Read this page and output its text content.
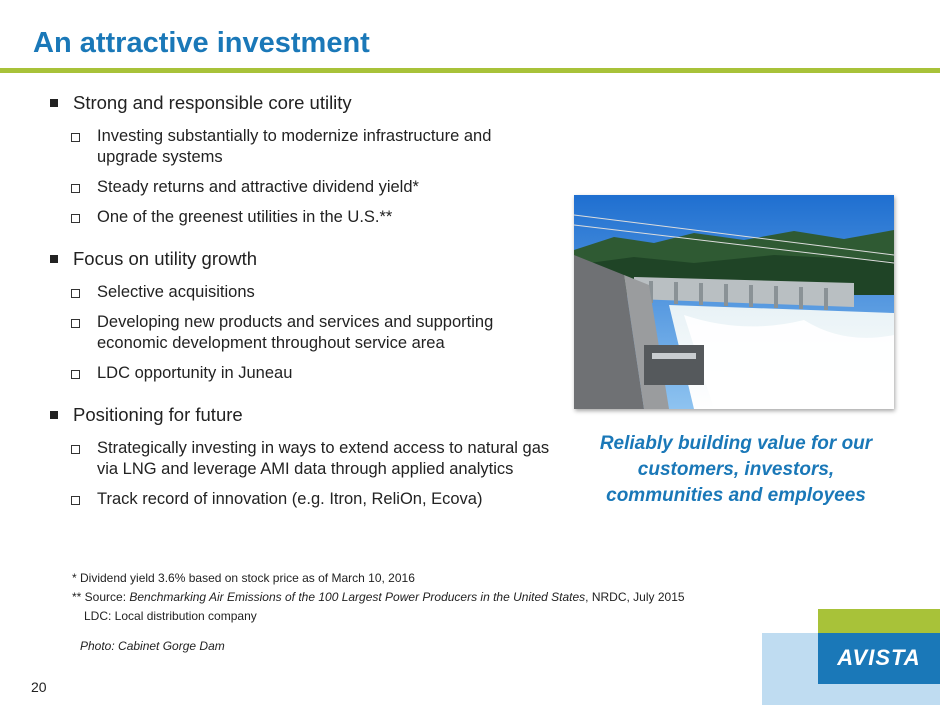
An attractive investment
Strong and responsible core utility
Investing substantially to modernize infrastructure and upgrade systems
Steady returns and attractive dividend yield*
One of the greenest utilities in the U.S.**
Focus on utility growth
Selective acquisitions
Developing new products and services and supporting economic development throughout service area
LDC opportunity in Juneau
Positioning for future
Strategically investing in ways to extend access to natural gas via LNG and leverage AMI data through applied analytics
Track record of innovation (e.g. Itron, ReliOn, Ecova)
Reliably building value for our customers, investors, communities and employees
* Dividend yield 3.6% based on stock price as of March 10, 2016
** Source: Benchmarking Air Emissions of the 100 Largest Power Producers in the United States, NRDC, July 2015
LDC: Local distribution company
Photo: Cabinet Gorge Dam
20
AVISTA
